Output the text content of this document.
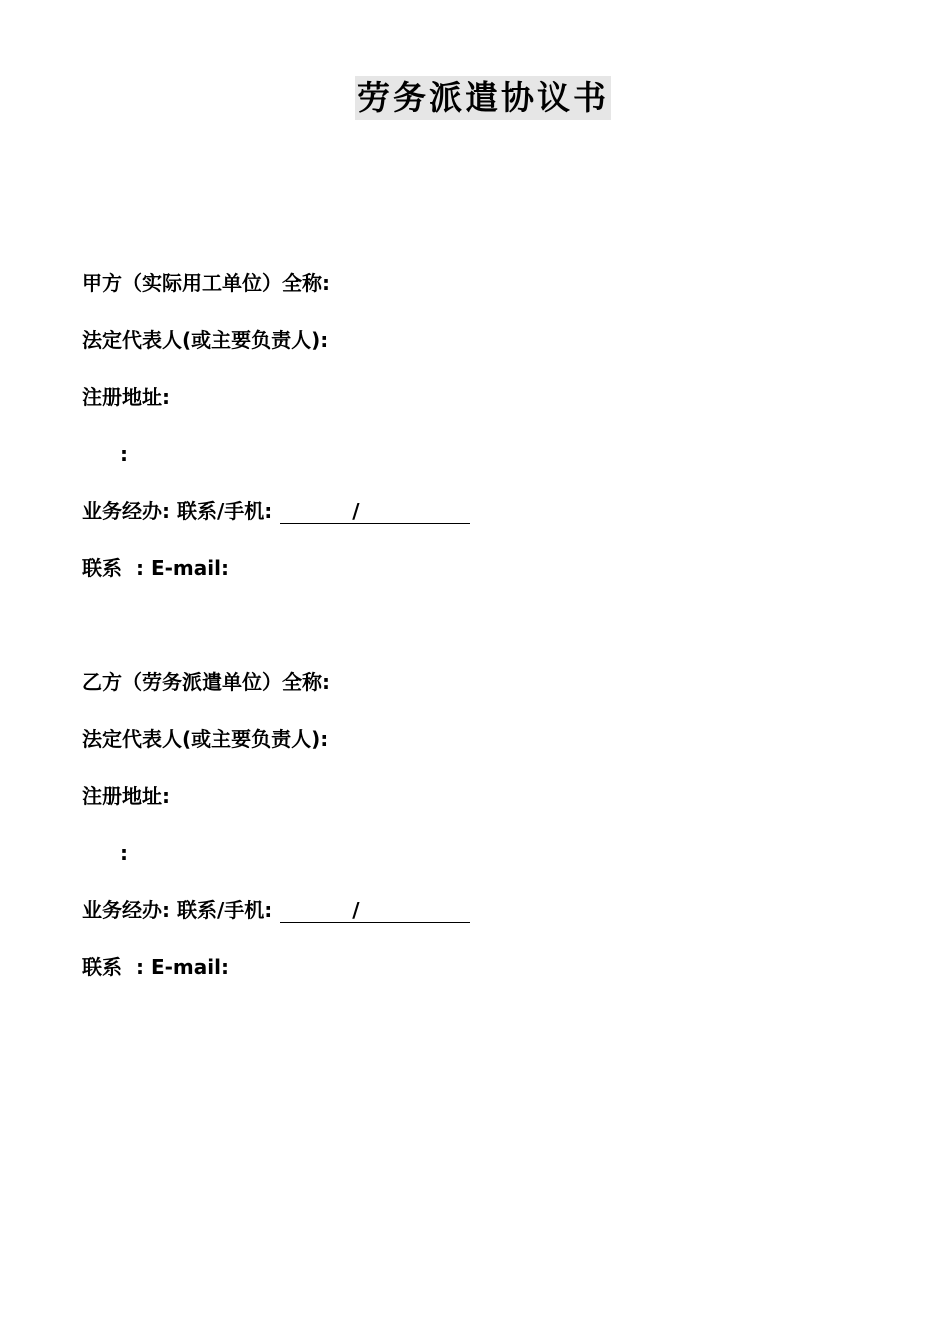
劳务派遣协议书
甲方（实际用工单位）全称:
法定代表人(或主要负责人):
注册地址:
:
业务经办: 联系/手机:	/
联系 : E-mail:
乙方（劳务派遣单位）全称:
法定代表人(或主要负责人):
注册地址:
:
业务经办: 联系/手机:	/
联系 : E-mail:
